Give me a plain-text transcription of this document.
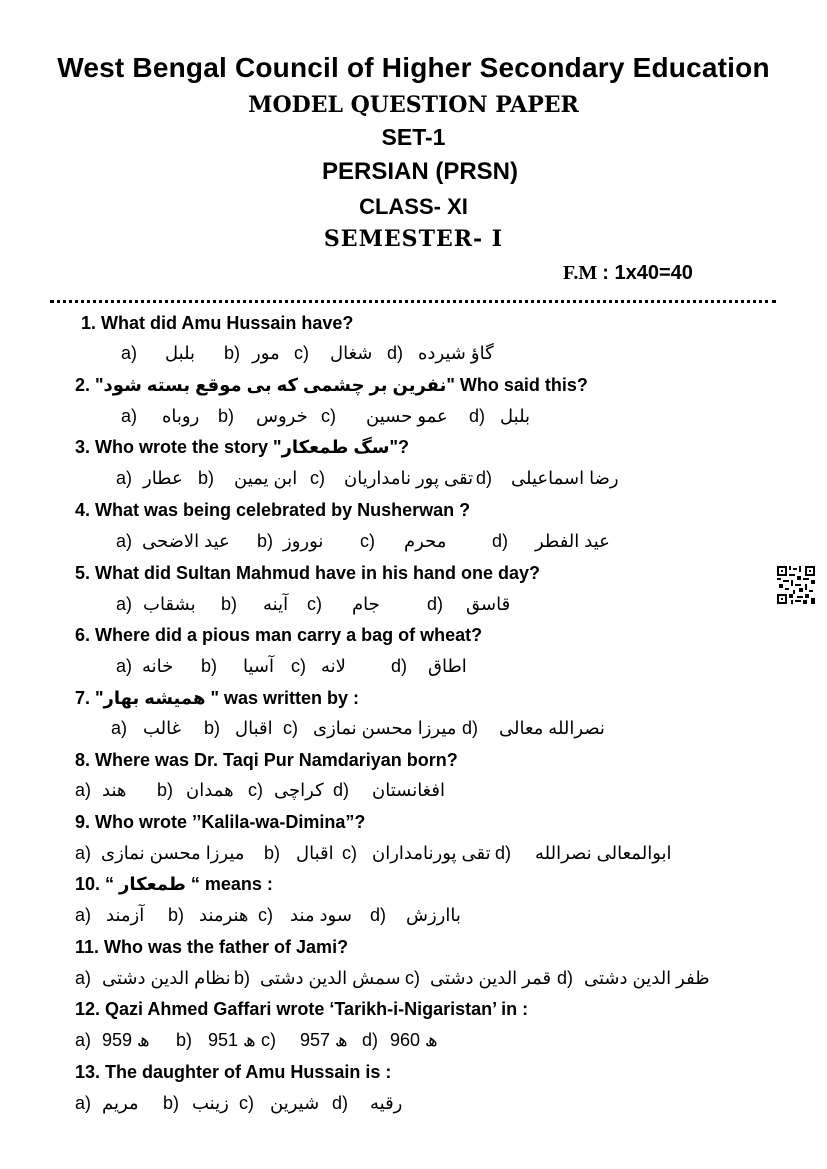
West Bengal Council of Higher Secondary Education
MODEL QUESTION PAPER
SET-1
PERSIAN (PRSN)
CLASS- XI
SEMESTER- I
F.M : 1x40=40
1. What did Amu Hussain have?
a) بلبل b) مور c) شغال d) گاؤ شیرده
2. "نفرین بر چشمی که بی موقع بسته شود" Who said this?
a) روباه b) خروس c) عمو حسین d) بلبل
3. Who wrote the story "سگ طمعکار"?
a) عطار b) ابن یمین c) تقی پور نامداریان d) رضا اسماعیلی
4. What was being celebrated by Nusherwan ?
a) عید الاضحی b) نوروز c) محرم	d) عید الفطر
5. What did Sultan Mahmud have in his hand one day?
a) بشقاب b) آینه c) جام	d) قاسق
6. Where did a pious man carry a bag of wheat?
a) خانه b) آسیا c) لانه	d) اطاق
7. "همیشه بهار " was written by :
a) غالب b) اقبال c) میرزا محسن نمازی d) نصرالله معالی
8. Where was Dr. Taqi Pur Namdariyan born?
a) هند b) همدان c) کراچی d) افغانستان
9. Who wrote ’’Kalila-wa-Dimina”?
a) میرزا محسن نمازی b) اقبال c) تقی پورنامداران d) ابوالمعالی نصرالله
10. “ طمعکار “ means :
a) آزمند b) هنرمند c) سود مند d) باارزش
11. Who was the father of Jami?
a) نظام الدین دشتی b) سمش الدین دشتی c) قمر الدین دشتی d) ظفر الدین دشتی
12. Qazi Ahmed Gaffari wrote ‘Tarikh-i-Nigaristan’ in :
a) 959 ھ b) 951 ھ c) 957 ھ d) 960 ھ
13. The daughter of Amu Hussain is :
a) مریم b) زینب c) شیرین d) رقیه
